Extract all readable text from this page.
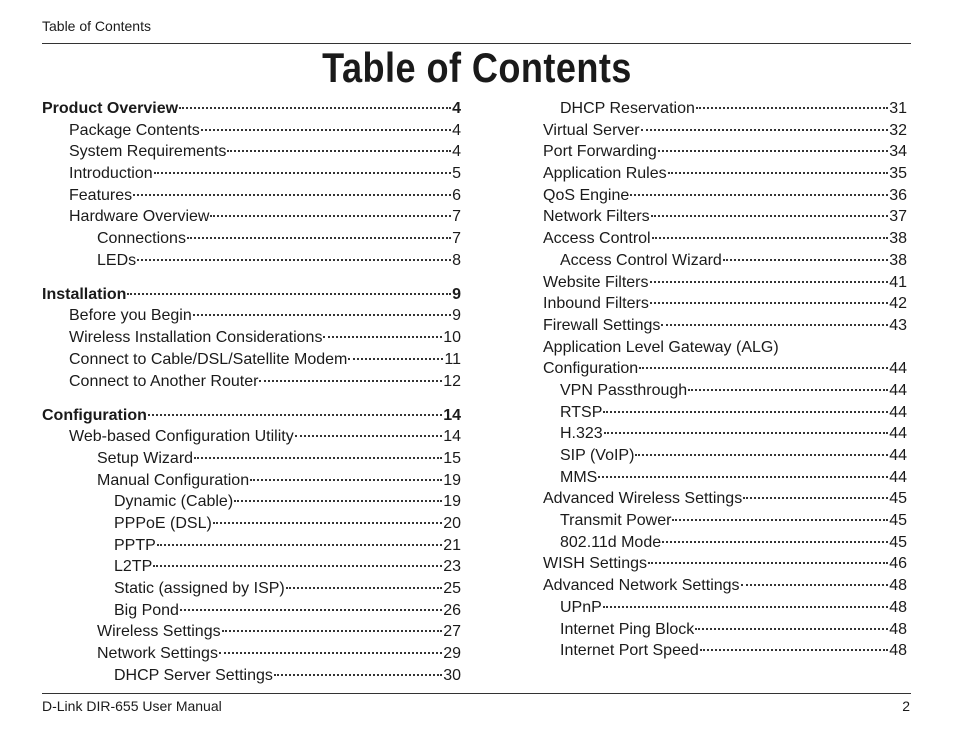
Table of Contents
Table of Contents
Product Overview	4
Package Contents	4
System Requirements	4
Introduction	5
Features	6
Hardware Overview	7
Connections	7
LEDs	8
Installation	9
Before you Begin	9
Wireless Installation Considerations	10
Connect to Cable/DSL/Satellite Modem	11
Connect to Another Router	12
Configuration	14
Web-based Configuration Utility	14
Setup Wizard	15
Manual Configuration	19
Dynamic (Cable)	19
PPPoE (DSL)	20
PPTP	21
L2TP	23
Static (assigned by ISP)	25
Big Pond	26
Wireless Settings	27
Network Settings	29
DHCP Server Settings	30
DHCP Reservation	31
Virtual Server	32
Port Forwarding	34
Application Rules	35
QoS Engine	36
Network Filters	37
Access Control	38
Access Control Wizard	38
Website Filters	41
Inbound Filters	42
Firewall Settings	43
Application Level Gateway (ALG)
Configuration	44
VPN Passthrough	44
RTSP	44
H.323	44
SIP (VoIP)	44
MMS	44
Advanced Wireless Settings	45
Transmit Power	45
802.11d Mode	45
WISH Settings	46
Advanced Network Settings	48
UPnP	48
Internet Ping Block	48
Internet Port Speed	48
D-Link DIR-655 User Manual	2
